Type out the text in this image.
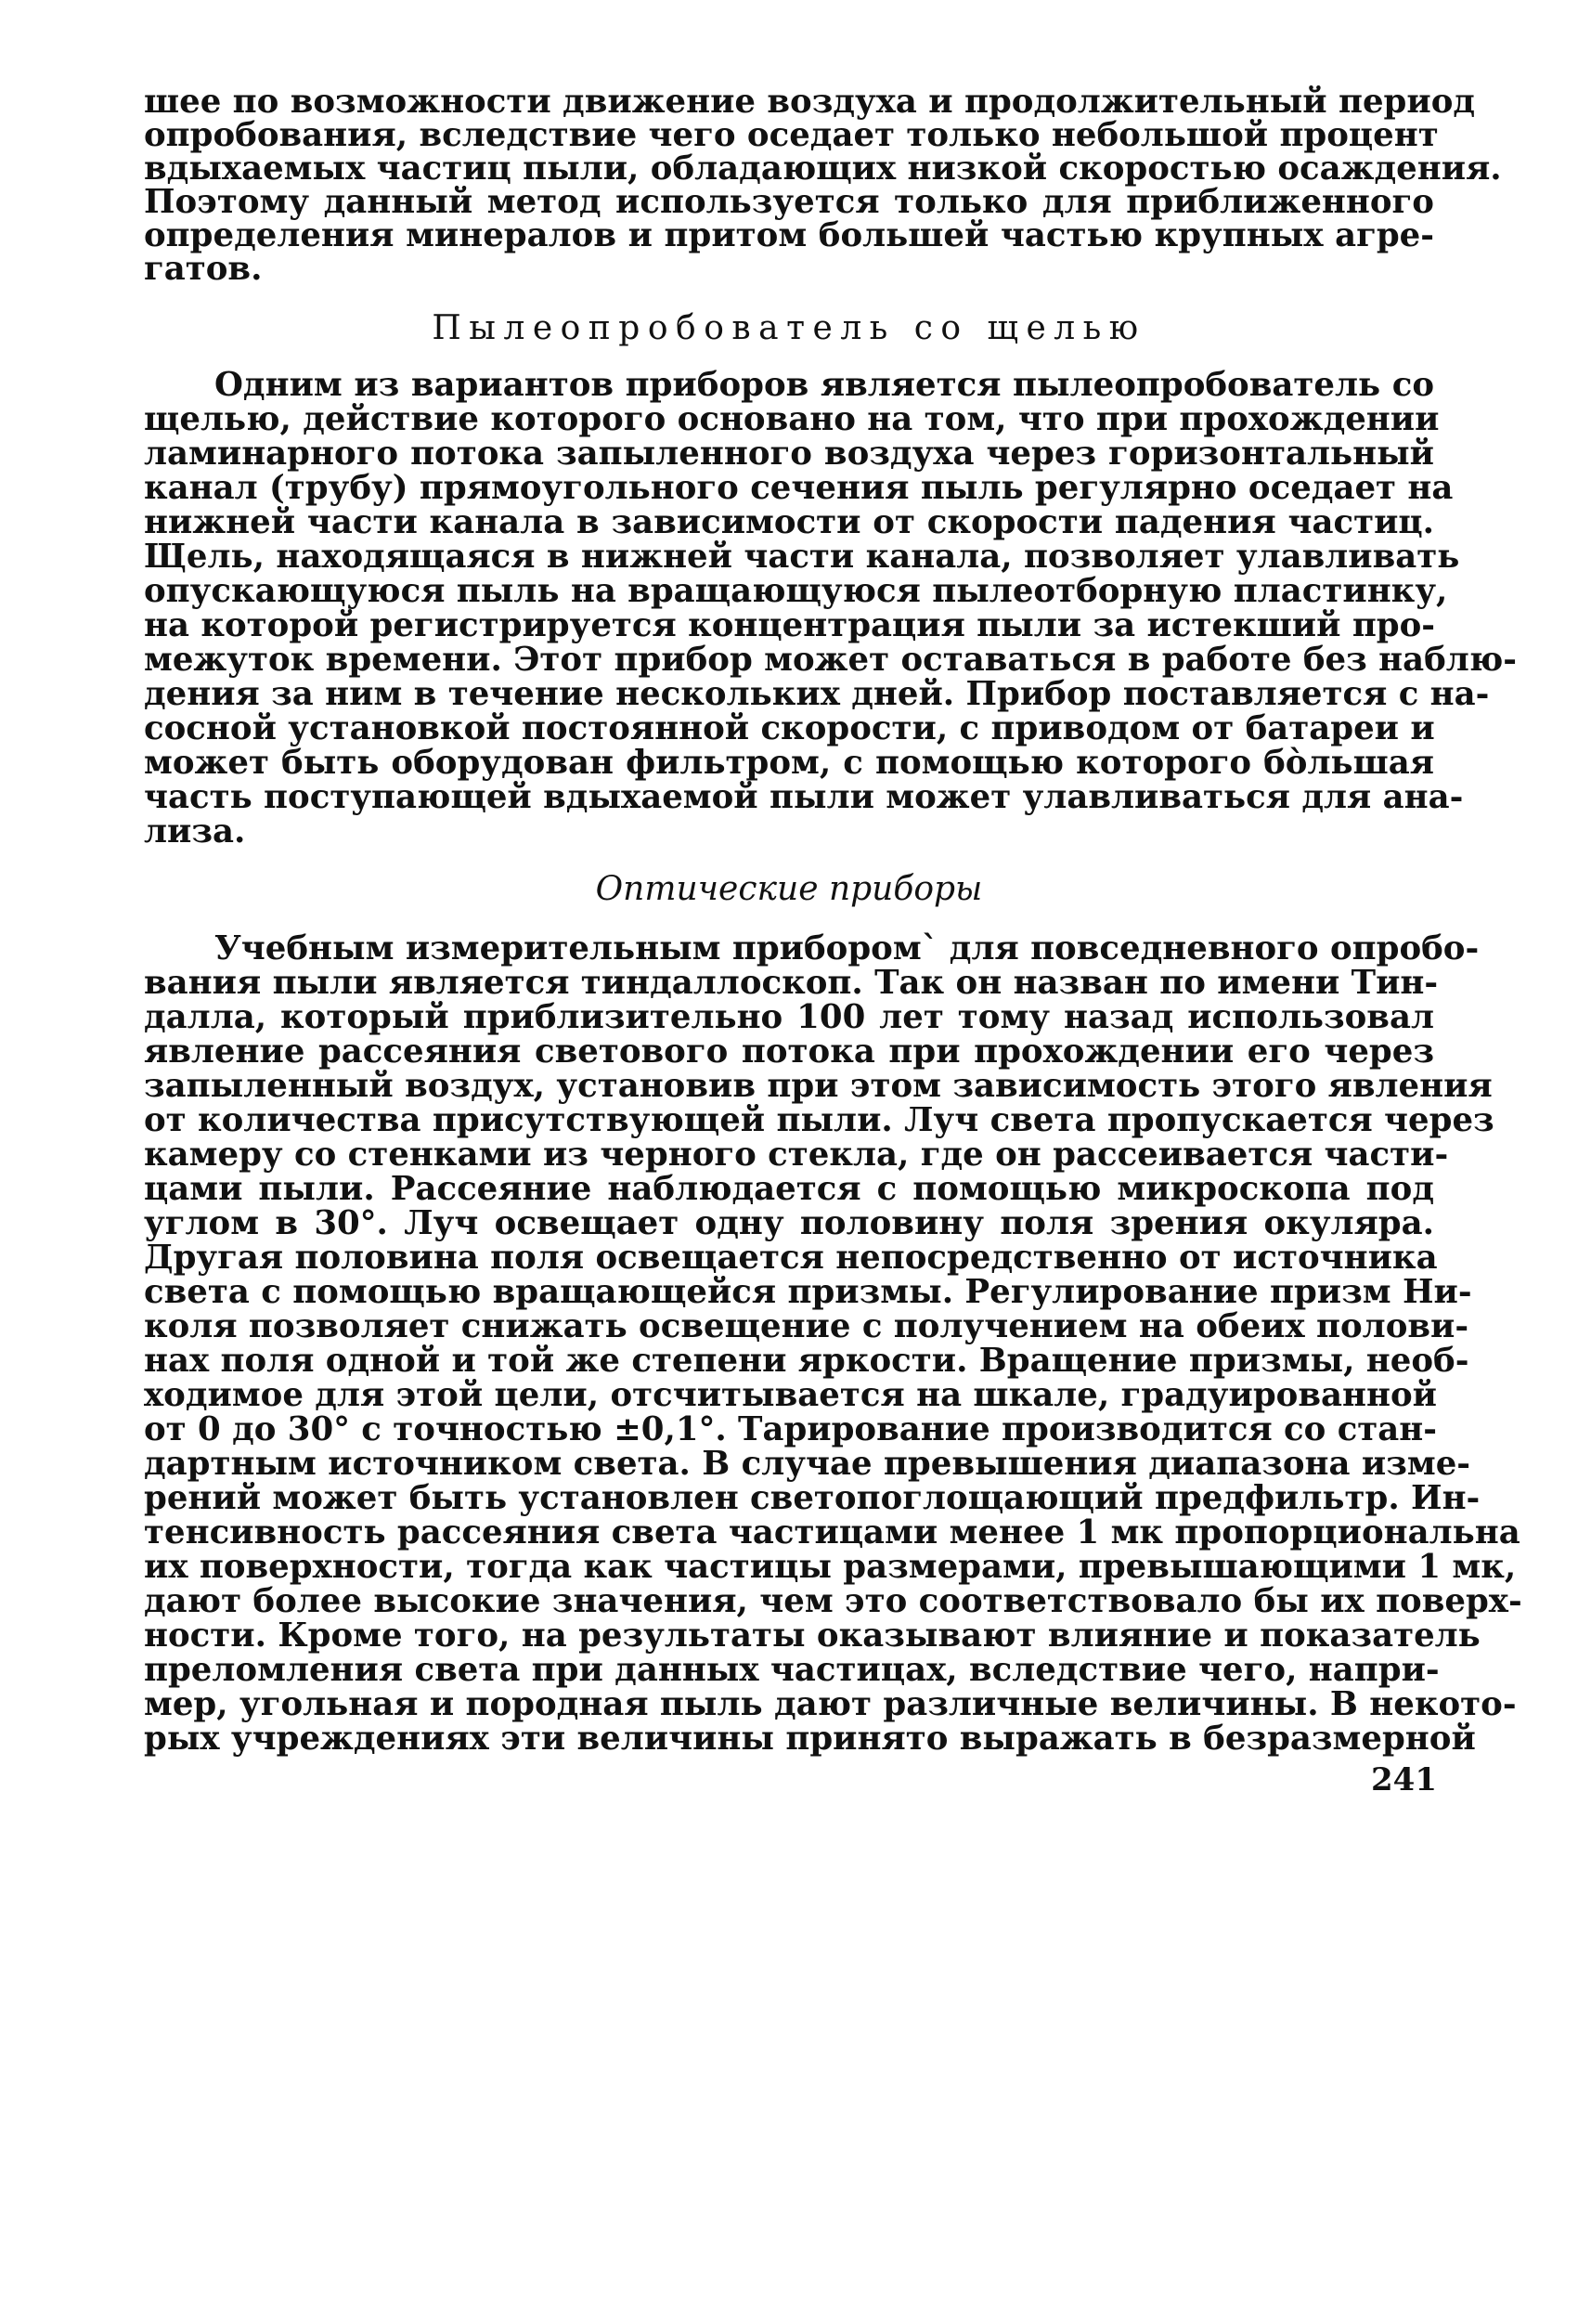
шее по возможности движение воздуха и продолжительный период
опробования, вследствие чего оседает только небольшой процент
вдыхаемых частиц пыли, обладающих низкой скоростью осаждения.
Поэтому данный метод используется только для приближенного
определения минералов и притом большей частью крупных агре-
гатов.
Пылеопробователь со щелью
Одним из вариантов приборов является пылеопробователь со
щелью, действие которого основано на том, что при прохождении
ламинарного потока запыленного воздуха через горизонтальный
канал (трубу) прямоугольного сечения пыль регулярно оседает на
нижней части канала в зависимости от скорости падения частиц.
Щель, находящаяся в нижней части канала, позволяет улавливать
опускающуюся пыль на вращающуюся пылеотборную пластинку,
на которой регистрируется концентрация пыли за истекший про-
межуток времени. Этот прибор может оставаться в работе без наблю-
дения за ним в течение нескольких дней. Прибор поставляется с на-
сосной установкой постоянной скорости, с приводом от батареи и
может быть оборудован фильтром, с помощью которого бо̀льшая
часть поступающей вдыхаемой пыли может улавливаться для ана-
лиза.
Оптические приборы
Учебным измерительным прибором` для повседневного опробо-
вания пыли является тиндаллоскоп. Так он назван по имени Тин-
далла, который приблизительно 100 лет тому назад использовал
явление рассеяния светового потока при прохождении его через
запыленный воздух, установив при этом зависимость этого явления
от количества присутствующей пыли. Луч света пропускается через
камеру со стенками из черного стекла, где он рассеивается части-
цами пыли. Рассеяние наблюдается с помощью микроскопа под
углом в 30°. Луч освещает одну половину поля зрения окуляра.
Другая половина поля освещается непосредственно от источника
света с помощью вращающейся призмы. Регулирование призм Ни-
коля позволяет снижать освещение с получением на обеих полови-
нах поля одной и той же степени яркости. Вращение призмы, необ-
ходимое для этой цели, отсчитывается на шкале, градуированной
от 0 до 30° с точностью ±0,1°. Тарирование производится со стан-
дартным источником света. В случае превышения диапазона изме-
рений может быть установлен светопоглощающий предфильтр. Ин-
тенсивность рассеяния света частицами менее 1 мк пропорциональна
их поверхности, тогда как частицы размерами, превышающими 1 мк,
дают более высокие значения, чем это соответствовало бы их поверх-
ности. Кроме того, на результаты оказывают влияние и показатель
преломления света при данных частицах, вследствие чего, напри-
мер, угольная и породная пыль дают различные величины. В некото-
рых учреждениях эти величины принято выражать в безразмерной
241
